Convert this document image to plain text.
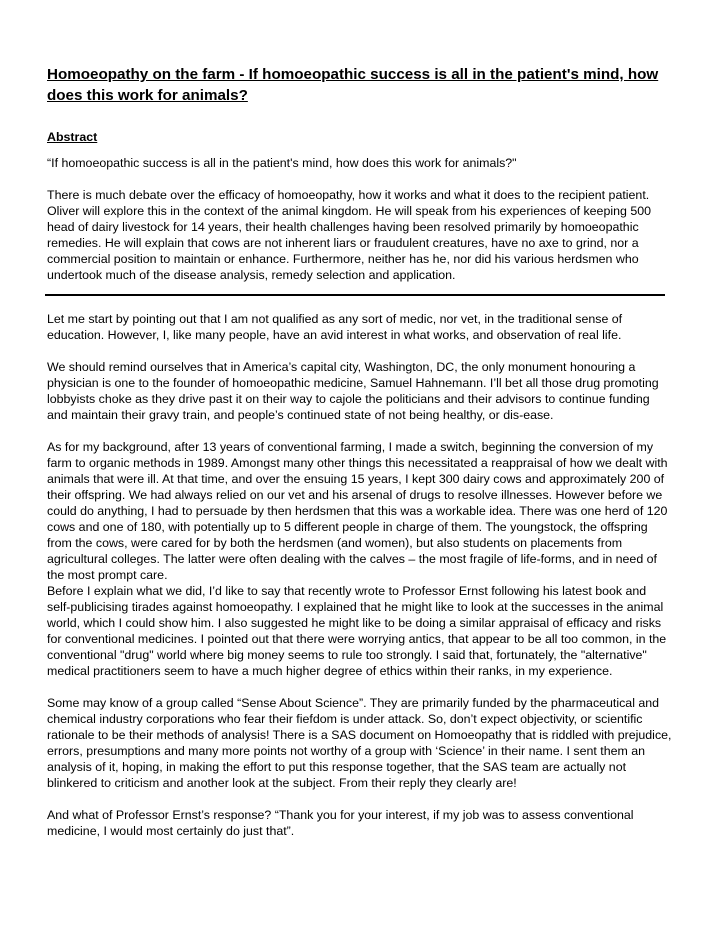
Homoeopathy on the farm - If homoeopathic success is all in the patient's mind, how does this work for animals?
Abstract

“If homoeopathic success is all in the patient's mind, how does this work for animals?"

There is much debate over the efficacy of homoeopathy, how it works and what it does to the recipient patient. Oliver will explore this in the context of the animal kingdom. He will speak from his experiences of keeping 500 head of dairy livestock for 14 years, their health challenges having been resolved primarily by homoeopathic remedies. He will explain that cows are not inherent liars or fraudulent creatures, have no axe to grind, nor a commercial position to maintain or enhance. Furthermore, neither has he, nor did his various herdsmen who undertook much of the disease analysis, remedy selection and application.

Let me start by pointing out that I am not qualified as any sort of medic, nor vet, in the traditional sense of education. However, I, like many people, have an avid interest in what works, and observation of real life.

We should remind ourselves that in America’s capital city, Washington, DC, the only monument honouring a physician is one to the founder of homoeopathic medicine, Samuel Hahnemann. I’ll bet all those drug promoting lobbyists choke as they drive past it on their way to cajole the politicians and their advisors to continue funding and maintain their gravy train, and people’s continued state of not being healthy, or dis-ease.

As for my background, after 13 years of conventional farming, I made a switch, beginning the conversion of my farm to organic methods in 1989. Amongst many other things this necessitated a reappraisal of how we dealt with animals that were ill. At that time, and over the ensuing 15 years, I kept 300 dairy cows and approximately 200 of their offspring. We had always relied on our vet and his arsenal of drugs to resolve illnesses. However before we could do anything, I had to persuade by then herdsmen that this was a workable idea. There was one herd of 120 cows and one of 180, with potentially up to 5 different people in charge of them. The youngstock, the offspring from the cows, were cared for by both the herdsmen (and women), but also students on placements from agricultural colleges. The latter were often dealing with the calves – the most fragile of life-forms, and in need of the most prompt care.

Before I explain what we did, I’d like to say that recently wrote to Professor Ernst following his latest book and self-publicising tirades against homoeopathy. I explained that he might like to look at the successes in the animal world, which I could show him. I also suggested he might like to be doing a similar appraisal of efficacy and risks for conventional medicines. I pointed out that there were worrying antics, that appear to be all too common, in the conventional "drug" world where big money seems to rule too strongly. I said that, fortunately, the "alternative" medical practitioners seem to have a much higher degree of ethics within their ranks, in my experience.

Some may know of a group called “Sense About Science”. They are primarily funded by the pharmaceutical and chemical industry corporations who fear their fiefdom is under attack. So, don’t expect objectivity, or scientific rationale to be their methods of analysis! There is a SAS document on Homoeopathy that is riddled with prejudice, errors, presumptions and many more points not worthy of a group with ‘Science’ in their name. I sent them an analysis of it, hoping, in making the effort to put this response together, that the SAS team are actually not blinkered to criticism and another look at the subject. From their reply they clearly are!

And what of Professor Ernst’s response? “Thank you for your interest, if my job was to assess conventional medicine, I would most certainly do just that”.
